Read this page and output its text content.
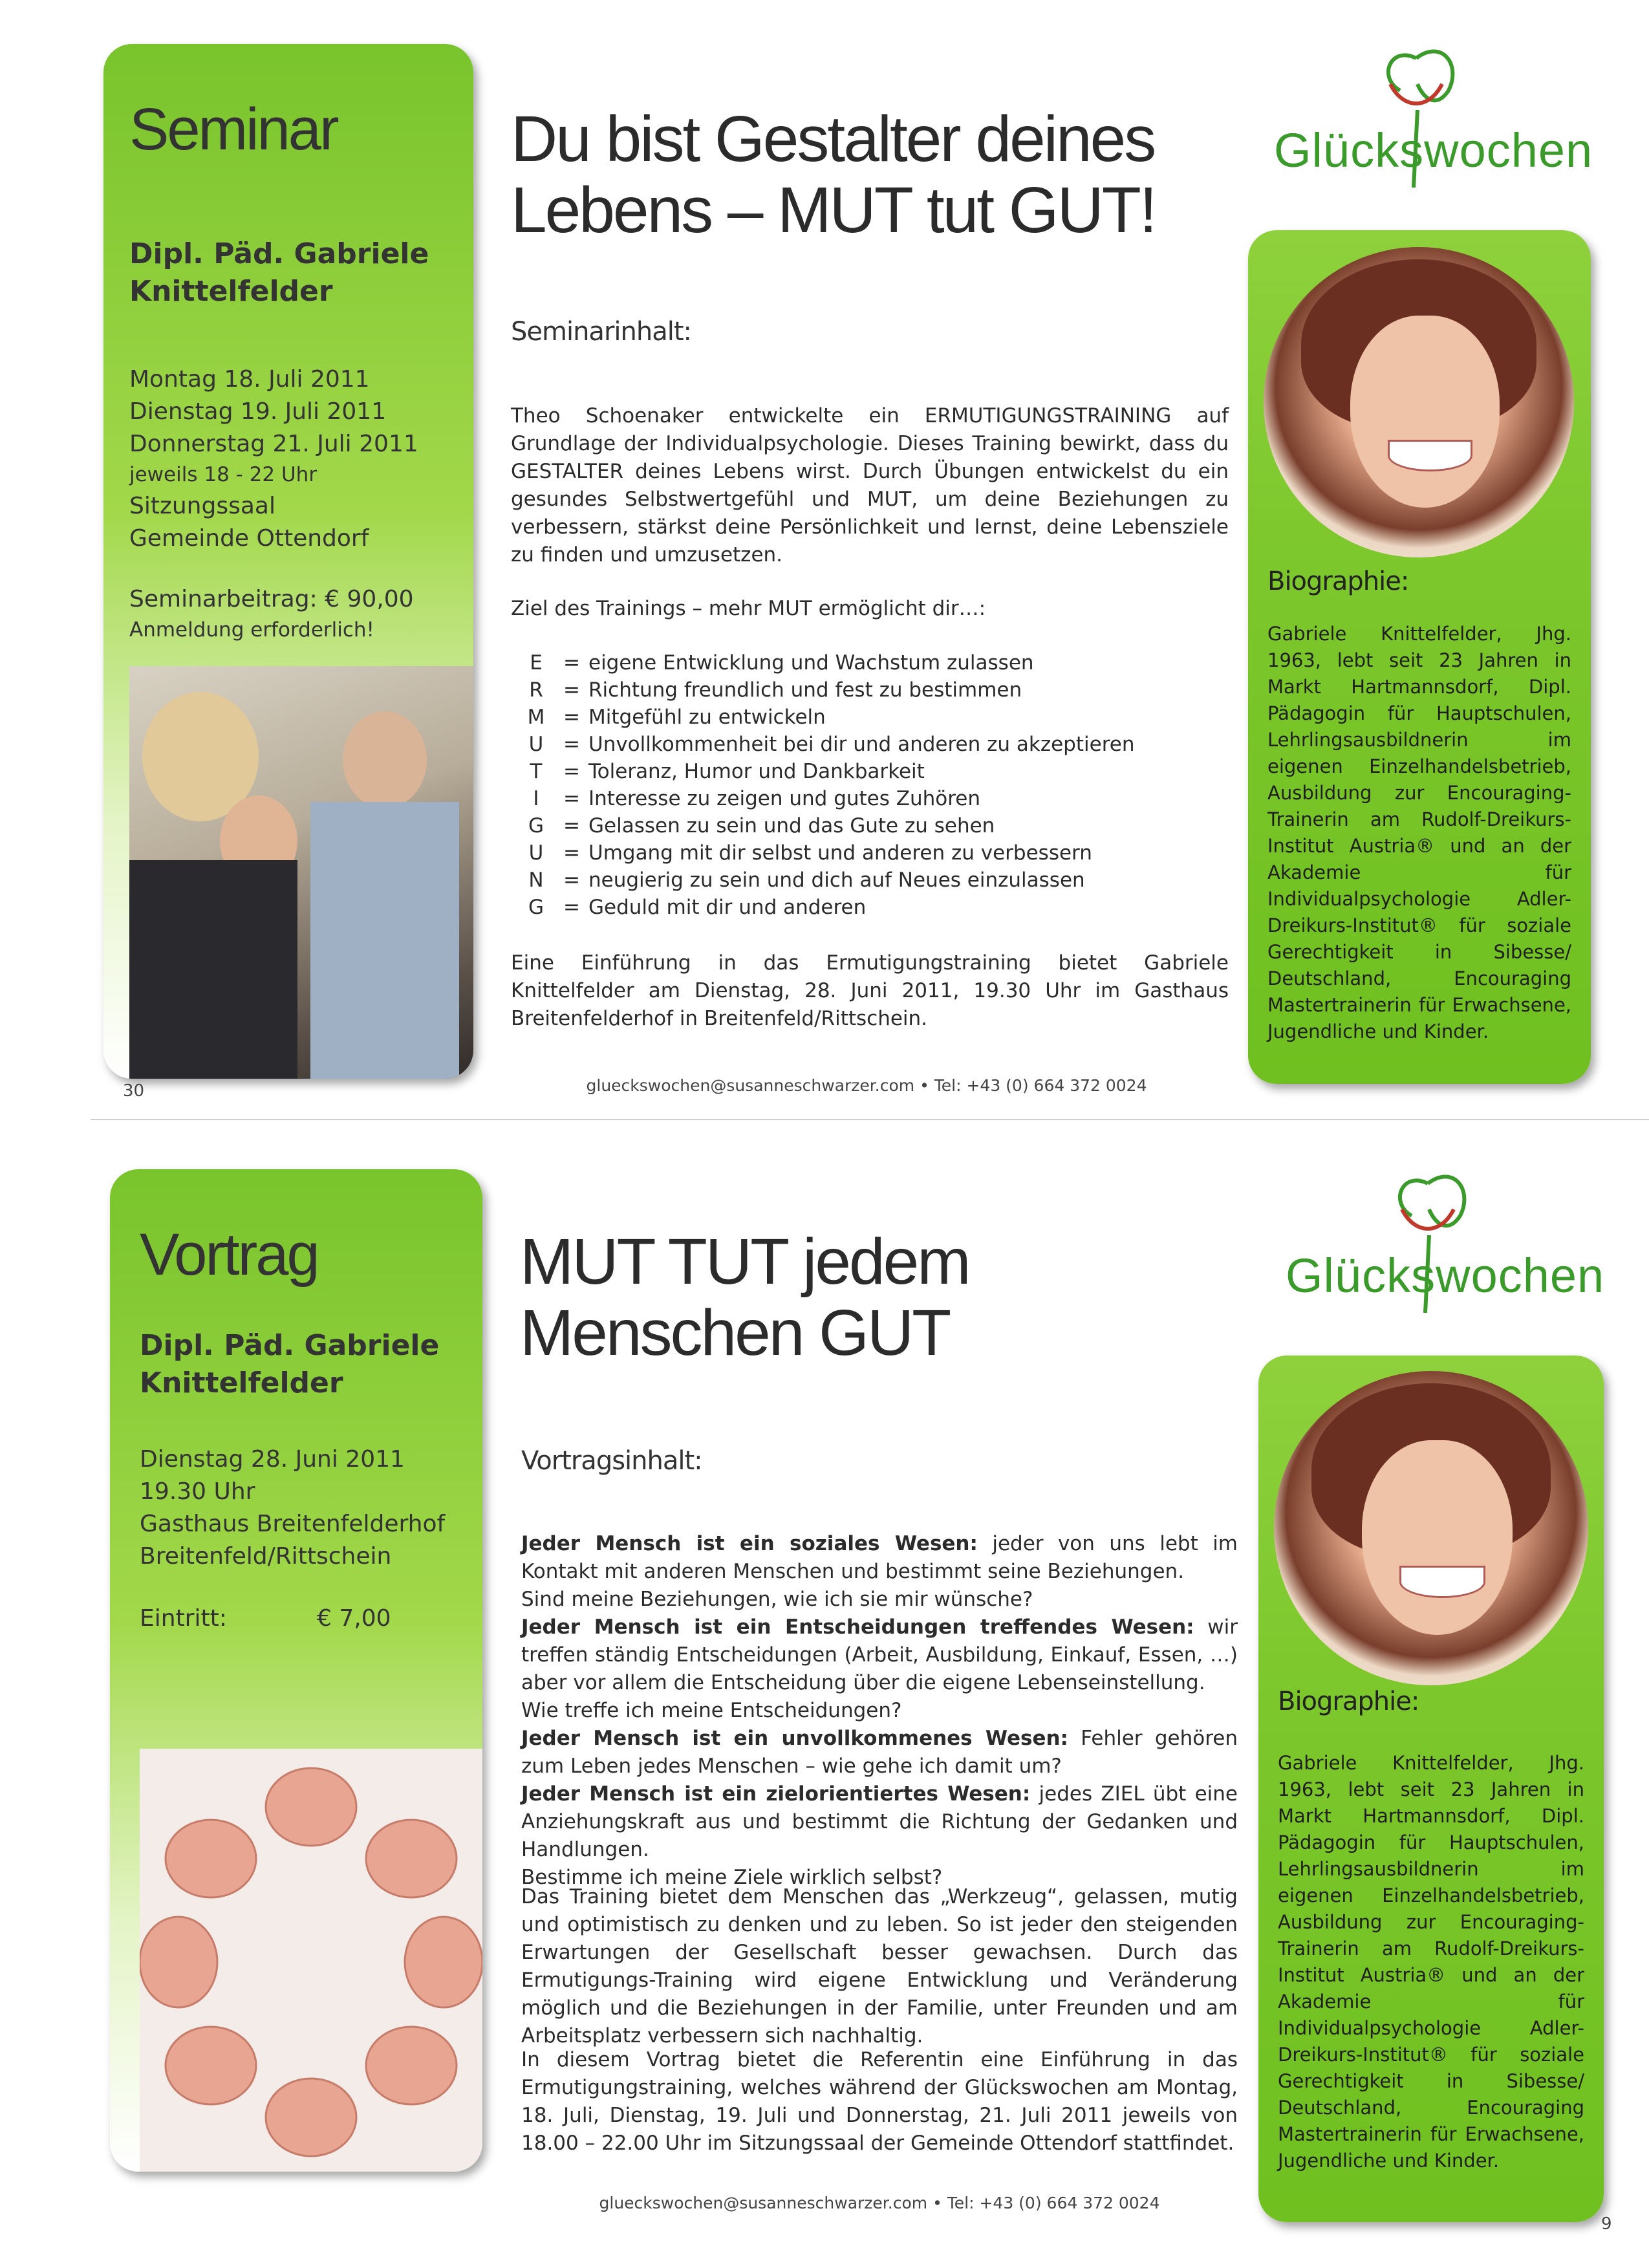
Seminar
Dipl. Päd. Gabriele
Knittelfelder
Montag 18. Juli 2011
Dienstag 19. Juli 2011
Donnerstag 21. Juli 2011
jeweils 18 - 22 Uhr
Sitzungssaal
Gemeinde Ottendorf
Seminarbeitrag: € 90,00
Anmeldung erforderlich!
Du bist Gestalter deines
Lebens – MUT tut GUT!
Seminarinhalt:
Theo Schoenaker entwickelte ein ERMUTIGUNGSTRAINING auf Grundlage der Individualpsychologie. Dieses Training bewirkt, dass du GESTALTER deines Lebens wirst. Durch Übungen entwickelst du ein gesundes Selbstwertgefühl und MUT, um deine Beziehungen zu verbessern, stärkst deine Persönlichkeit und lernst, deine Lebensziele zu finden und umzusetzen.
Ziel des Trainings – mehr MUT ermöglicht dir…:
E = eigene Entwicklung und Wachstum zulassen
R = Richtung freundlich und fest zu bestimmen
M = Mitgefühl zu entwickeln
U = Unvollkommenheit bei dir und anderen zu akzeptieren
T = Toleranz, Humor und Dankbarkeit
I = Interesse zu zeigen und gutes Zuhören
G = Gelassen zu sein und das Gute zu sehen
U = Umgang mit dir selbst und anderen zu verbessern
N = neugierig zu sein und dich auf Neues einzulassen
G = Geduld mit dir und anderen
Eine Einführung in das Ermutigungstraining bietet Gabriele Knittelfelder am Dienstag, 28. Juni 2011, 19.30 Uhr im Gasthaus Breitenfelderhof in Breitenfeld/Rittschein.
Glückswochen
Biographie:
Gabriele Knittelfelder, Jhg. 1963, lebt seit 23 Jahren in Markt Hartmannsdorf, Dipl. Pädagogin für Hauptschulen, Lehrlingsausbildnerin im eigenen Einzelhandelsbetrieb, Ausbildung zur Encouraging-Trainerin am Rudolf-Dreikurs-Institut Austria® und an der Akademie für Individualpsychologie Adler-Dreikurs-Institut® für soziale Gerechtigkeit in Sibesse/ Deutschland, Encouraging Mastertrainerin für Erwachsene, Jugendliche und Kinder.
30	glueckswochen@susanneschwarzer.com • Tel: +43 (0) 664 372 0024
Vortrag
Dipl. Päd. Gabriele
Knittelfelder
Dienstag 28. Juni 2011
19.30 Uhr
Gasthaus Breitenfelderhof
Breitenfeld/Rittschein
Eintritt:	€ 7,00
MUT TUT jedem
Menschen GUT
Vortragsinhalt:
Jeder Mensch ist ein soziales Wesen: jeder von uns lebt im Kontakt mit anderen Menschen und bestimmt seine Beziehungen.
Sind meine Beziehungen, wie ich sie mir wünsche?
Jeder Mensch ist ein Entscheidungen treffendes Wesen: wir treffen ständig Entscheidungen (Arbeit, Ausbildung, Einkauf, Essen, …) aber vor allem die Entscheidung über die eigene Lebenseinstellung.
Wie treffe ich meine Entscheidungen?
Jeder Mensch ist ein unvollkommenes Wesen: Fehler gehören zum Leben jedes Menschen – wie gehe ich damit um?
Jeder Mensch ist ein zielorientiertes Wesen: jedes ZIEL übt eine Anziehungskraft aus und bestimmt die Richtung der Gedanken und Handlungen.
Bestimme ich meine Ziele wirklich selbst?
Das Training bietet dem Menschen das „Werkzeug“, gelassen, mutig und optimistisch zu denken und zu leben. So ist jeder den steigenden Erwartungen der Gesellschaft besser gewachsen. Durch das Ermutigungs-Training wird eigene Entwicklung und Veränderung möglich und die Beziehungen in der Familie, unter Freunden und am Arbeitsplatz verbessern sich nachhaltig.
In diesem Vortrag bietet die Referentin eine Einführung in das Ermutigungstraining, welches während der Glückswochen am Montag, 18. Juli, Dienstag, 19. Juli und Donnerstag, 21. Juli 2011 jeweils von 18.00 – 22.00 Uhr im Sitzungssaal der Gemeinde Ottendorf stattfindet.
Glückswochen
Biographie:
Gabriele Knittelfelder, Jhg. 1963, lebt seit 23 Jahren in Markt Hartmannsdorf, Dipl. Pädagogin für Hauptschulen, Lehrlingsausbildnerin im eigenen Einzelhandelsbetrieb, Ausbildung zur Encouraging-Trainerin am Rudolf-Dreikurs-Institut Austria® und an der Akademie für Individualpsychologie Adler-Dreikurs-Institut® für soziale Gerechtigkeit in Sibesse/ Deutschland, Encouraging Mastertrainerin für Erwachsene, Jugendliche und Kinder.
glueckswochen@susanneschwarzer.com • Tel: +43 (0) 664 372 0024
9
